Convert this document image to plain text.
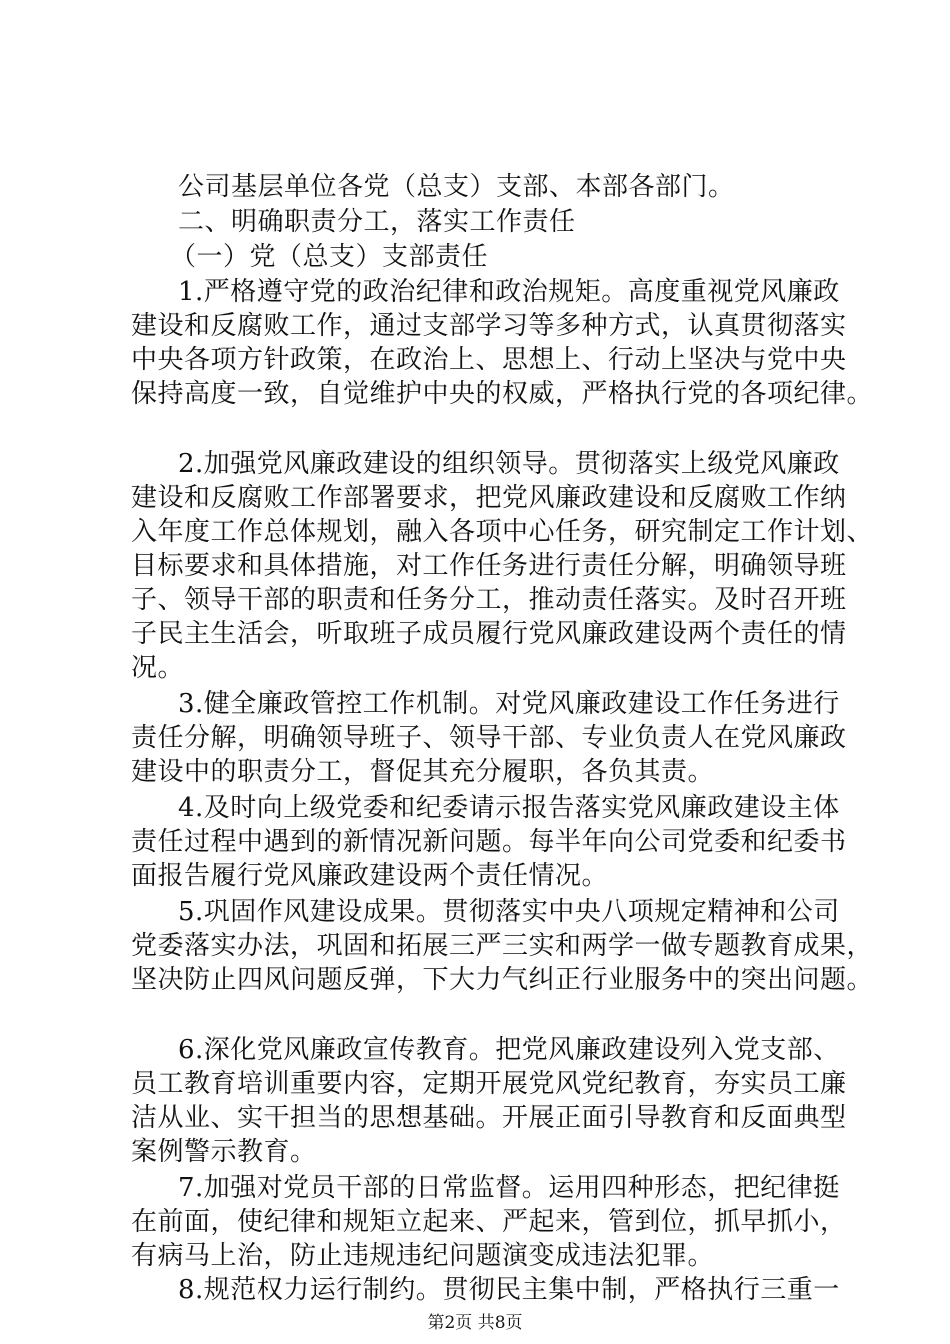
公司基层单位各党（总支）支部、本部各部门。
二、明确职责分工，落实工作责任
（一）党（总支）支部责任
1.严格遵守党的政治纪律和政治规矩。高度重视党风廉政
建设和反腐败工作，通过支部学习等多种方式，认真贯彻落实
中央各项方针政策，在政治上、思想上、行动上坚决与党中央
保持高度一致，自觉维护中央的权威，严格执行党的各项纪律。
2.加强党风廉政建设的组织领导。贯彻落实上级党风廉政
建设和反腐败工作部署要求，把党风廉政建设和反腐败工作纳
入年度工作总体规划，融入各项中心任务，研究制定工作计划、
目标要求和具体措施，对工作任务进行责任分解，明确领导班
子、领导干部的职责和任务分工，推动责任落实。及时召开班
子民主生活会，听取班子成员履行党风廉政建设两个责任的情
况。
3.健全廉政管控工作机制。对党风廉政建设工作任务进行
责任分解，明确领导班子、领导干部、专业负责人在党风廉政
建设中的职责分工，督促其充分履职，各负其责。
4.及时向上级党委和纪委请示报告落实党风廉政建设主体
责任过程中遇到的新情况新问题。每半年向公司党委和纪委书
面报告履行党风廉政建设两个责任情况。
5.巩固作风建设成果。贯彻落实中央八项规定精神和公司
党委落实办法，巩固和拓展三严三实和两学一做专题教育成果，
坚决防止四风问题反弹，下大力气纠正行业服务中的突出问题。
6.深化党风廉政宣传教育。把党风廉政建设列入党支部、
员工教育培训重要内容，定期开展党风党纪教育，夯实员工廉
洁从业、实干担当的思想基础。开展正面引导教育和反面典型
案例警示教育。
7.加强对党员干部的日常监督。运用四种形态，把纪律挺
在前面，使纪律和规矩立起来、严起来，管到位，抓早抓小，
有病马上治，防止违规违纪问题演变成违法犯罪。
8.规范权力运行制约。贯彻民主集中制，严格执行三重一
第2页 共8页
